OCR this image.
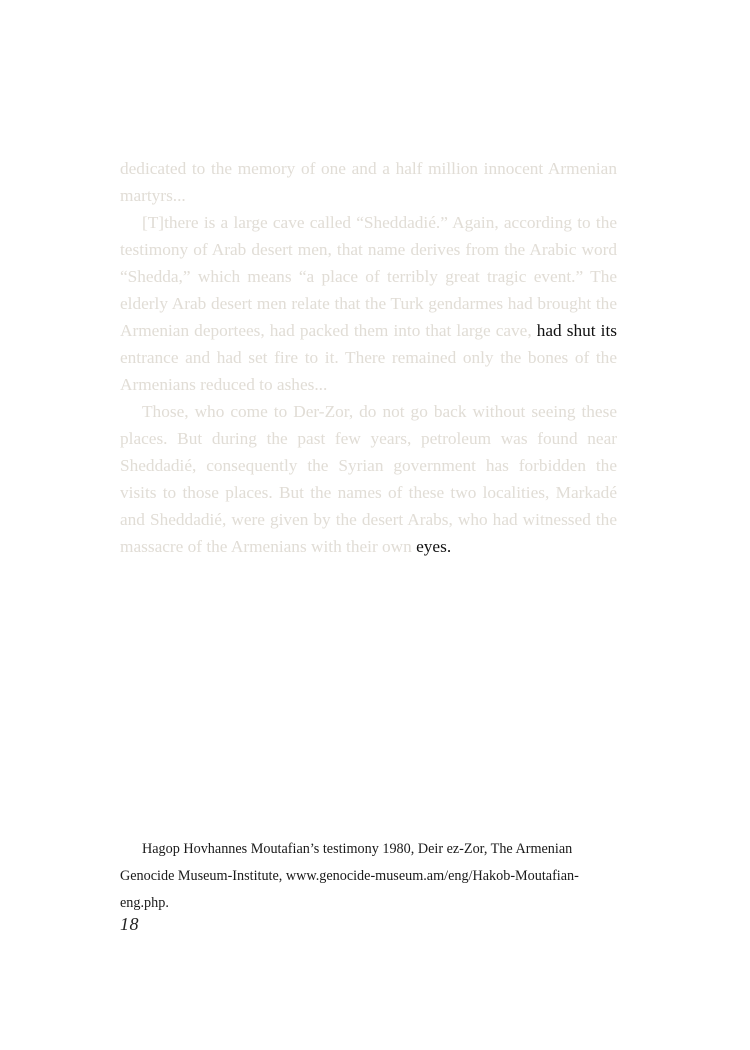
dedicated to the memory of one and a half million innocent Armenian martyrs...

[T]there is a large cave called “Sheddadié.” Again, according to the testimony of Arab desert men, that name derives from the Arabic word “Shedda,” which means “a place of terribly great tragic event.” The elderly Arab desert men relate that the Turk gendarmes had brought the Armenian deportees, had packed them into that large cave, had shut its entrance and had set fire to it. There remained only the bones of the Armenians reduced to ashes...

Those, who come to Der-Zor, do not go back without seeing these places. But during the past few years, petroleum was found near Sheddadié, consequently the Syrian government has forbidden the visits to those places. But the names of these two localities, Markadé and Sheddadié, were given by the desert Arabs, who had witnessed the massacre of the Armenians with their own eyes.

Hagop Hovhannes Moutafian’s testimony 1980, Deir ez-Zor, The Armenian Genocide Museum-Institute, www.genocide-museum.am/eng/Hakob-Moutafian-eng.php.

18
